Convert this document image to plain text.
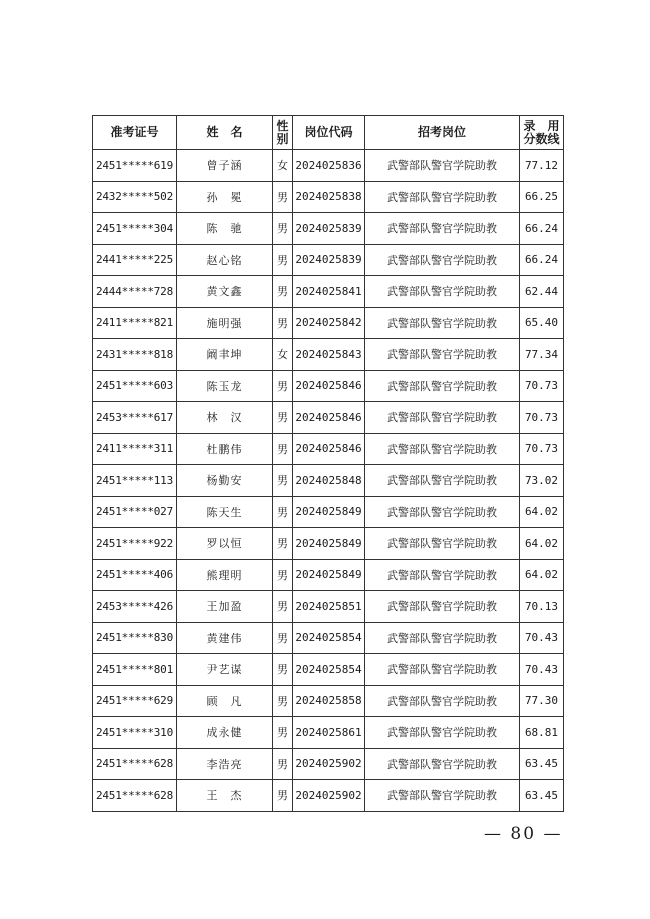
准考证号	姓　名	性别	岗位代码	招考岗位	录　用分数线
2451*****619	曾子涵	女	2024025836	武警部队警官学院助教	77.12
2432*****502	孙　冕	男	2024025838	武警部队警官学院助教	66.25
2451*****304	陈　驰	男	2024025839	武警部队警官学院助教	66.24
2441*****225	赵心铭	男	2024025839	武警部队警官学院助教	66.24
2444*****728	黄文鑫	男	2024025841	武警部队警官学院助教	62.44
2411*****821	施明强	男	2024025842	武警部队警官学院助教	65.40
2431*****818	阚聿坤	女	2024025843	武警部队警官学院助教	77.34
2451*****603	陈玉龙	男	2024025846	武警部队警官学院助教	70.73
2453*****617	林　汉	男	2024025846	武警部队警官学院助教	70.73
2411*****311	杜鹏伟	男	2024025846	武警部队警官学院助教	70.73
2451*****113	杨勤安	男	2024025848	武警部队警官学院助教	73.02
2451*****027	陈天生	男	2024025849	武警部队警官学院助教	64.02
2451*****922	罗以恒	男	2024025849	武警部队警官学院助教	64.02
2451*****406	熊理明	男	2024025849	武警部队警官学院助教	64.02
2453*****426	王加盈	男	2024025851	武警部队警官学院助教	70.13
2451*****830	黄建伟	男	2024025854	武警部队警官学院助教	70.43
2451*****801	尹艺谋	男	2024025854	武警部队警官学院助教	70.43
2451*****629	顾　凡	男	2024025858	武警部队警官学院助教	77.30
2451*****310	成永健	男	2024025861	武警部队警官学院助教	68.81
2451*****628	李浩亮	男	2024025902	武警部队警官学院助教	63.45
2451*****628	王　杰	男	2024025902	武警部队警官学院助教	63.45
— 80 —
